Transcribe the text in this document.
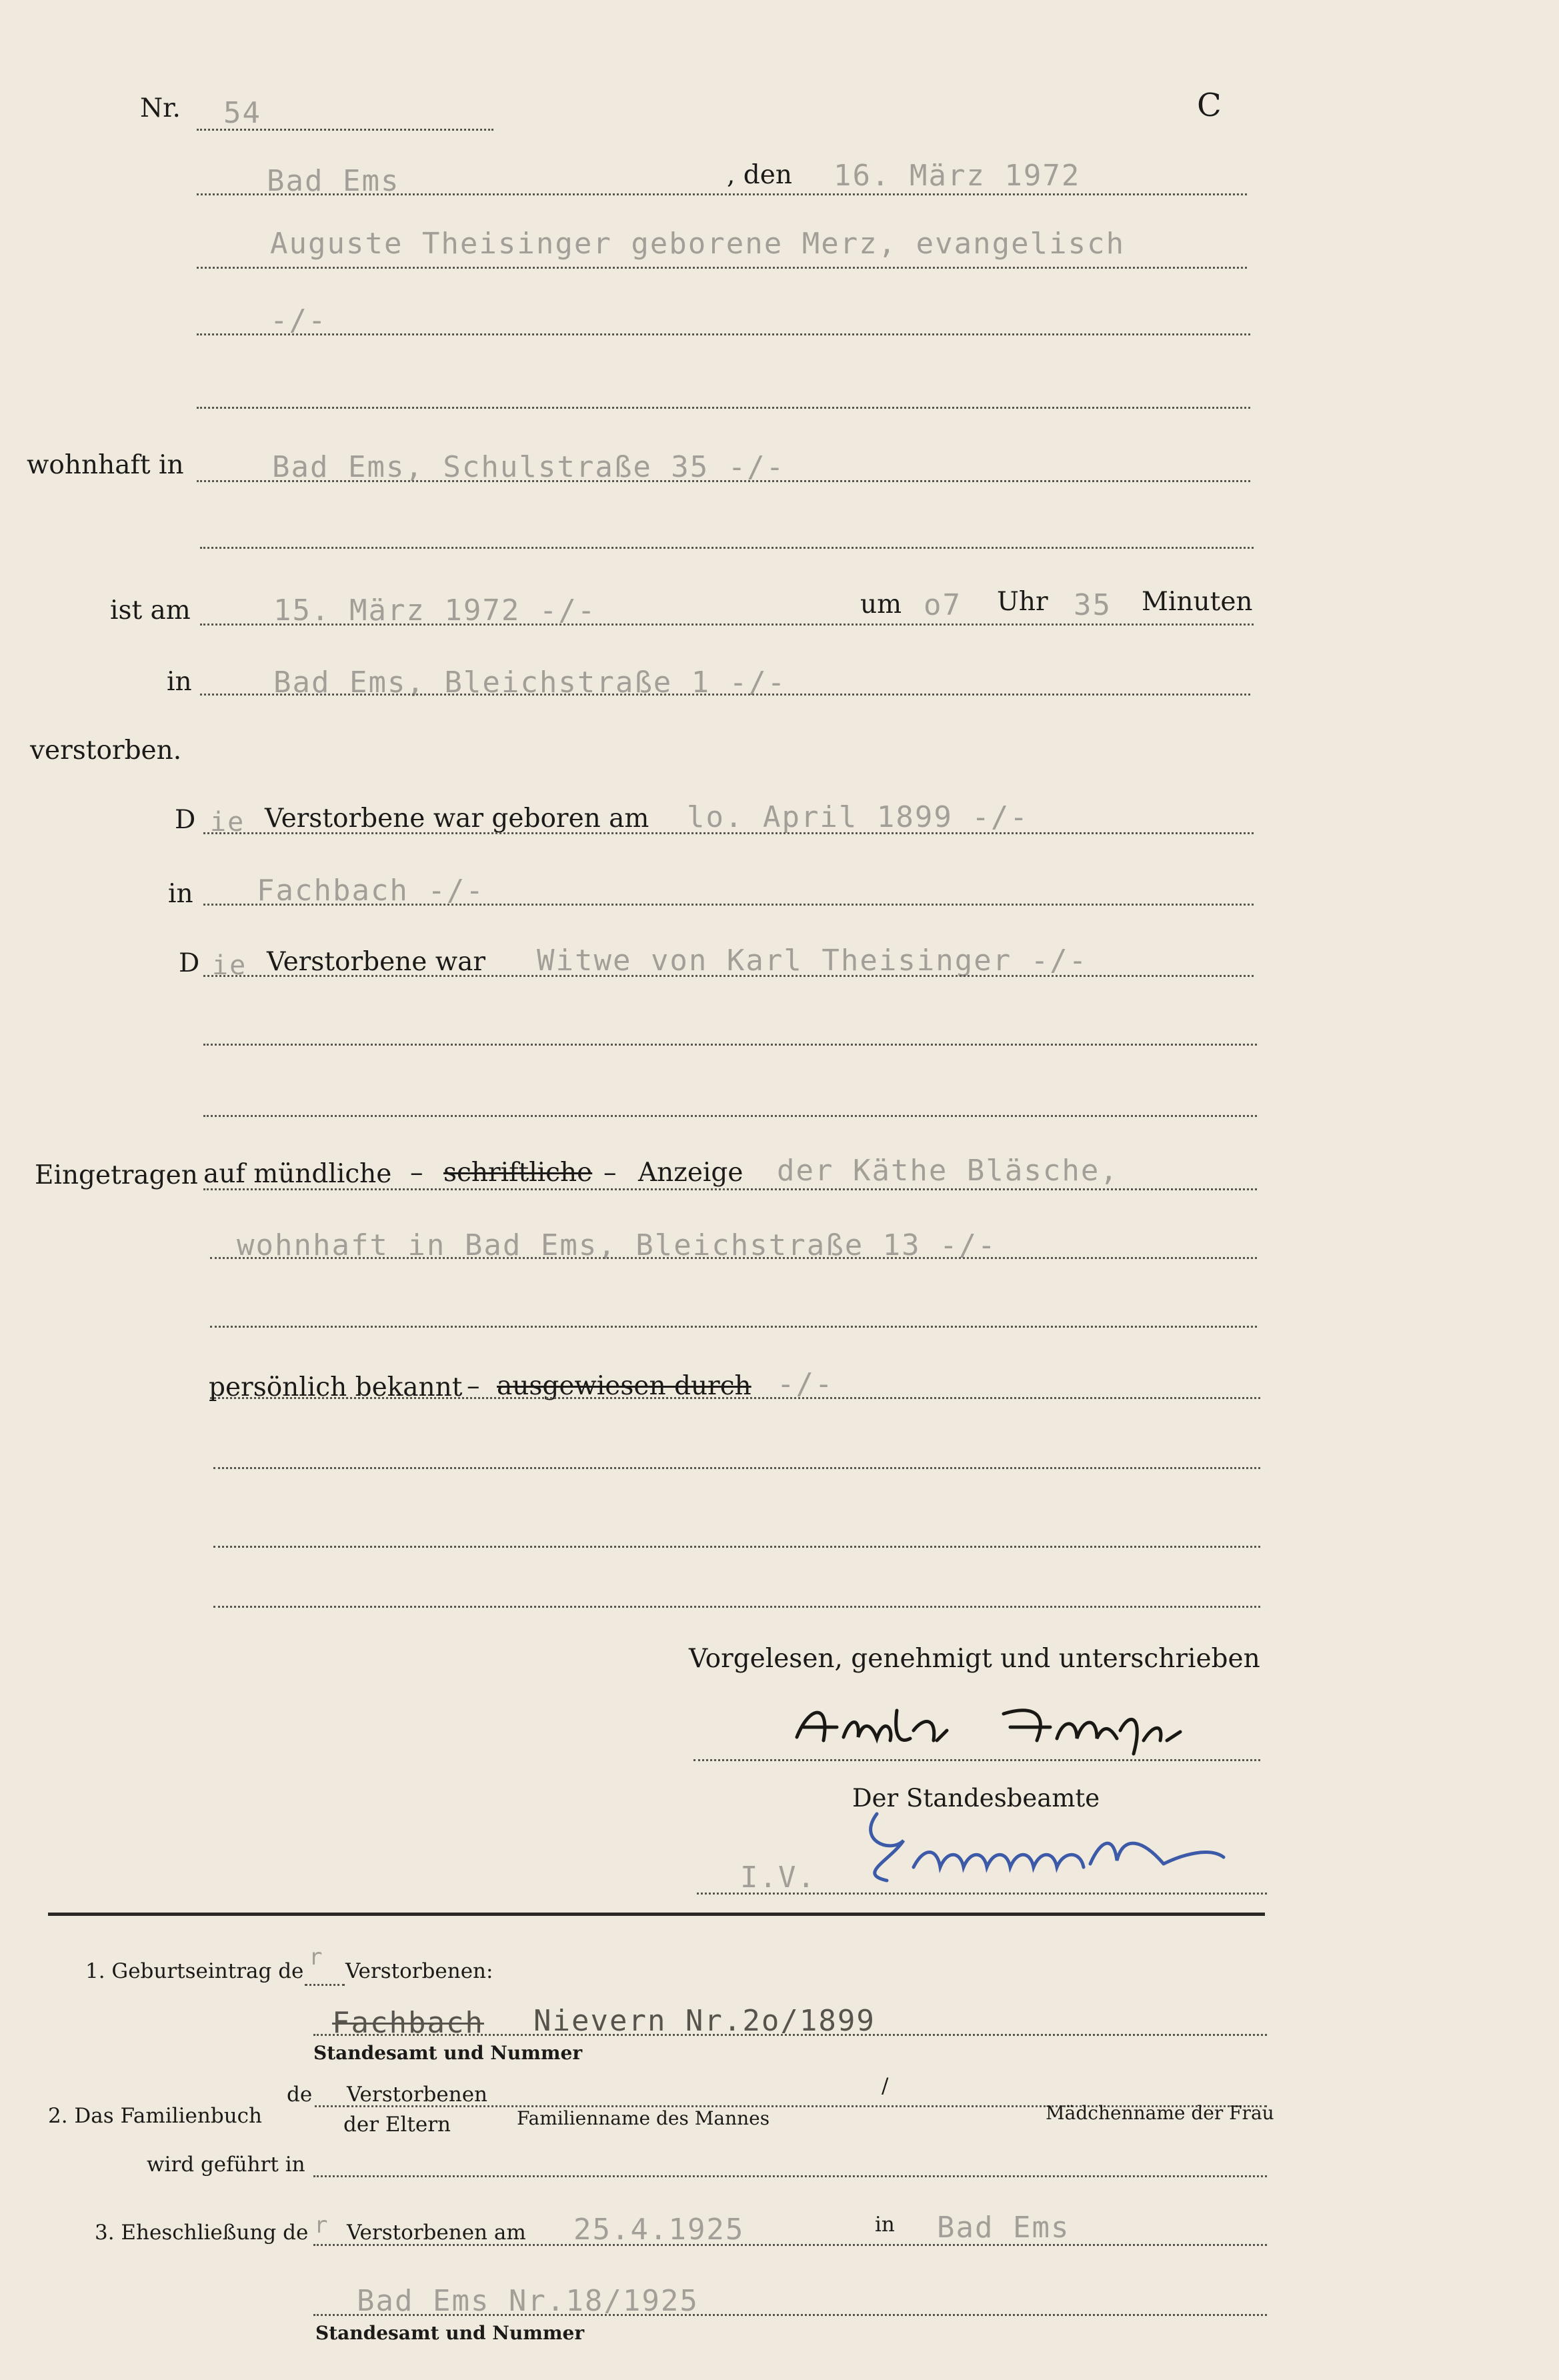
Nr. 54	C
Bad Ems	, den 16. März 1972
Auguste Theisinger geborene Merz, evangelisch
-/-
wohnhaft in	Bad Ems, Schulstraße 35 -/-
ist am	15. März 1972 -/-	um o7 Uhr 35 Minuten
in	Bad Ems, Bleichstraße 1 -/-
verstorben.
D ie Verstorbene war geboren am lo. April 1899 -/-
in Fachbach -/-
D ie Verstorbene war Witwe von Karl Theisinger -/-
Eingetragen auf mündliche – schriftliche – Anzeige der Käthe Bläsche,
wohnhaft in Bad Ems, Bleichstraße 13 -/-
persönlich bekannt – ausgewiesen durch -/-
Vorgelesen, genehmigt und unterschrieben
Der Standesbeamte
I.V.
1. Geburtseintrag de
r
Verstorbenen:
Fachbach Nievern Nr.2o/1899
Standesamt und Nummer
2. Das Familienbuch
de Verstorbenen
der Eltern	Familienname des Mannes
/
Mädchenname der Frau
wird geführt in
3. Eheschließung de r Verstorbenen am 25.4.1925	in Bad Ems
Bad Ems Nr.18/1925
Standesamt und Nummer
